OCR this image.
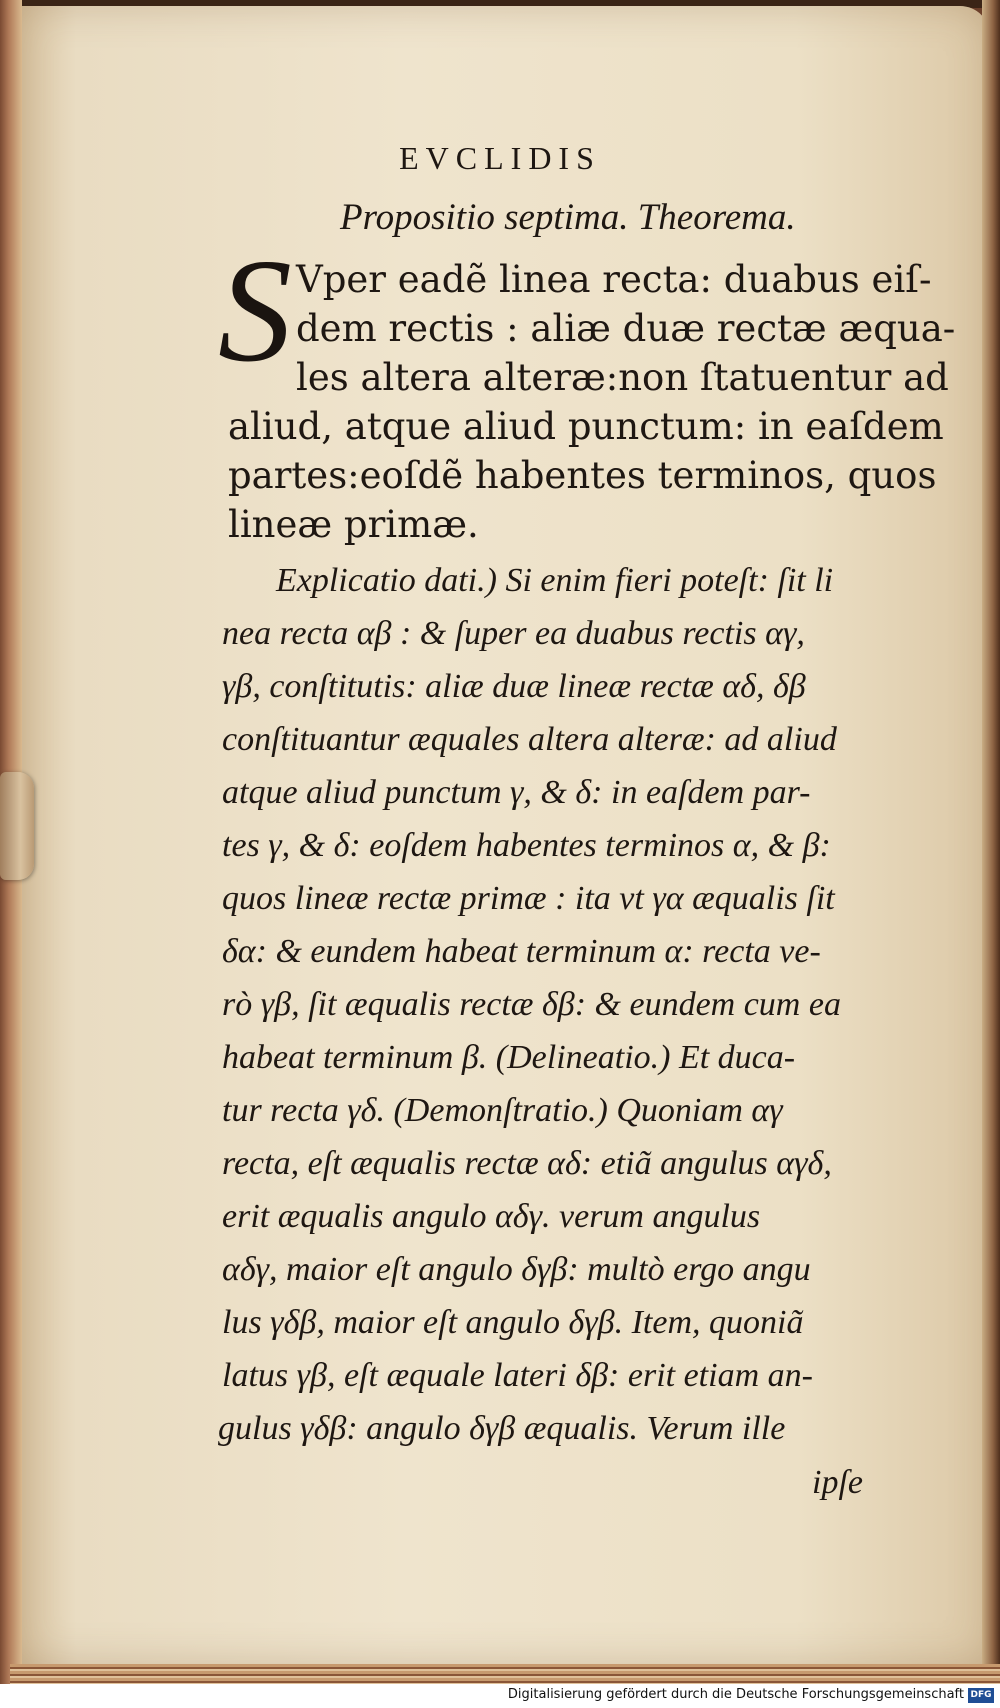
EVCLIDIS
Propositio septima. Theorema.
S Vper eadẽ linea recta: duabus eiſ-
dem rectis : aliæ duæ rectæ æqua-
les altera alteræ:non ſtatuentur ad
aliud, atque aliud punctum: in eaſdem
partes:eoſdẽ habentes terminos, quos
lineæ primæ.
Explicatio dati.) Si enim fieri poteſt: ſit li
nea recta αβ : & ſuper ea duabus rectis αγ,
γβ, conſtitutis: aliæ duæ lineæ rectæ αδ, δβ
conſtituantur æquales altera alteræ: ad aliud
atque aliud punctum γ, & δ: in eaſdem par-
tes γ, & δ: eoſdem habentes terminos α, & β:
quos lineæ rectæ primæ : ita vt γα æqualis ſit
δα: & eundem habeat terminum α: recta ve-
rò γβ, ſit æqualis rectæ δβ: & eundem cum ea
habeat terminum β. (Delineatio.) Et duca-
tur recta γδ. (Demonſtratio.) Quoniam αγ
recta, eſt æqualis rectæ αδ: etiã angulus αγδ,
erit æqualis angulo αδγ. verum angulus
αδγ, maior eſt angulo δγβ: multò ergo angu
lus γδβ, maior eſt angulo δγβ. Item, quoniã
latus γβ, eſt æquale lateri δβ: erit etiam an-
gulus γδβ: angulo δγβ æqualis. Verum ille
ipſe
Digitalisierung gefördert durch die Deutsche Forschungsgemeinschaft DFG
